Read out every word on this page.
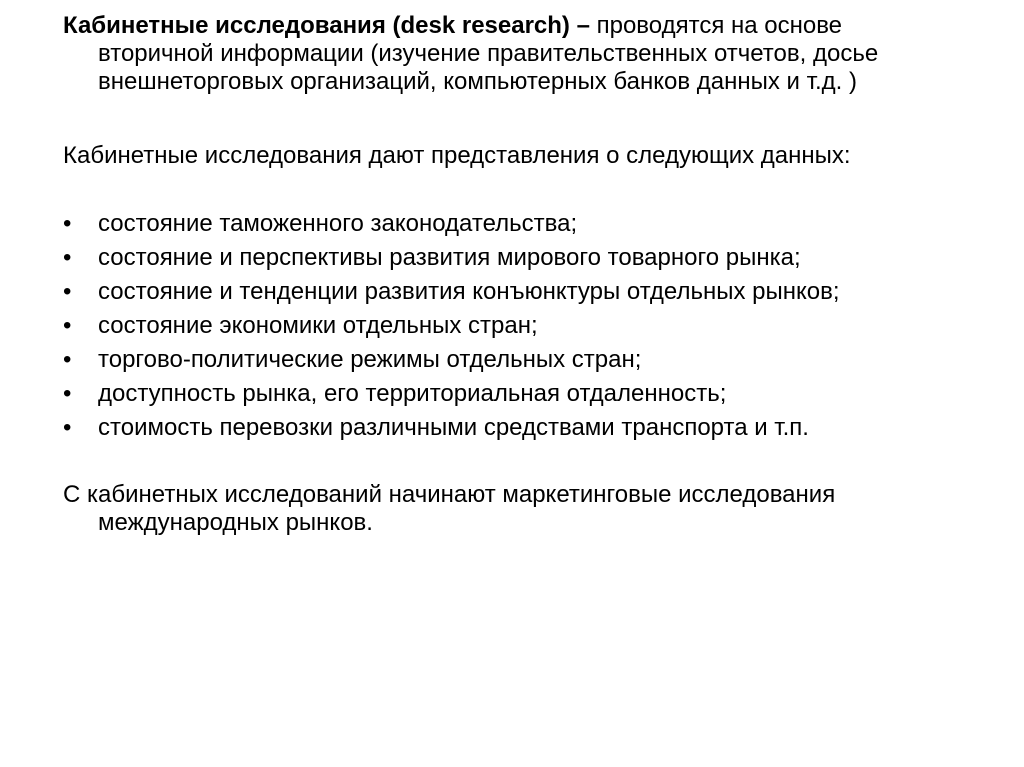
Кабинетные исследования (desk research) – проводятся на основе вторичной информации (изучение правительственных отчетов, досье внешнеторговых организаций, компьютерных банков данных и т.д. )

Кабинетные исследования дают представления о следующих данных:

•	состояние таможенного законодательства;
•	состояние и перспективы развития мирового товарного рынка;
•	состояние и тенденции развития конъюнктуры отдельных рынков;
•	состояние экономики отдельных стран;
•	торгово-политические режимы отдельных стран;
•	доступность рынка, его территориальная отдаленность;
•	стоимость перевозки различными средствами транспорта и т.п.

С кабинетных исследований начинают маркетинговые исследования международных рынков.
